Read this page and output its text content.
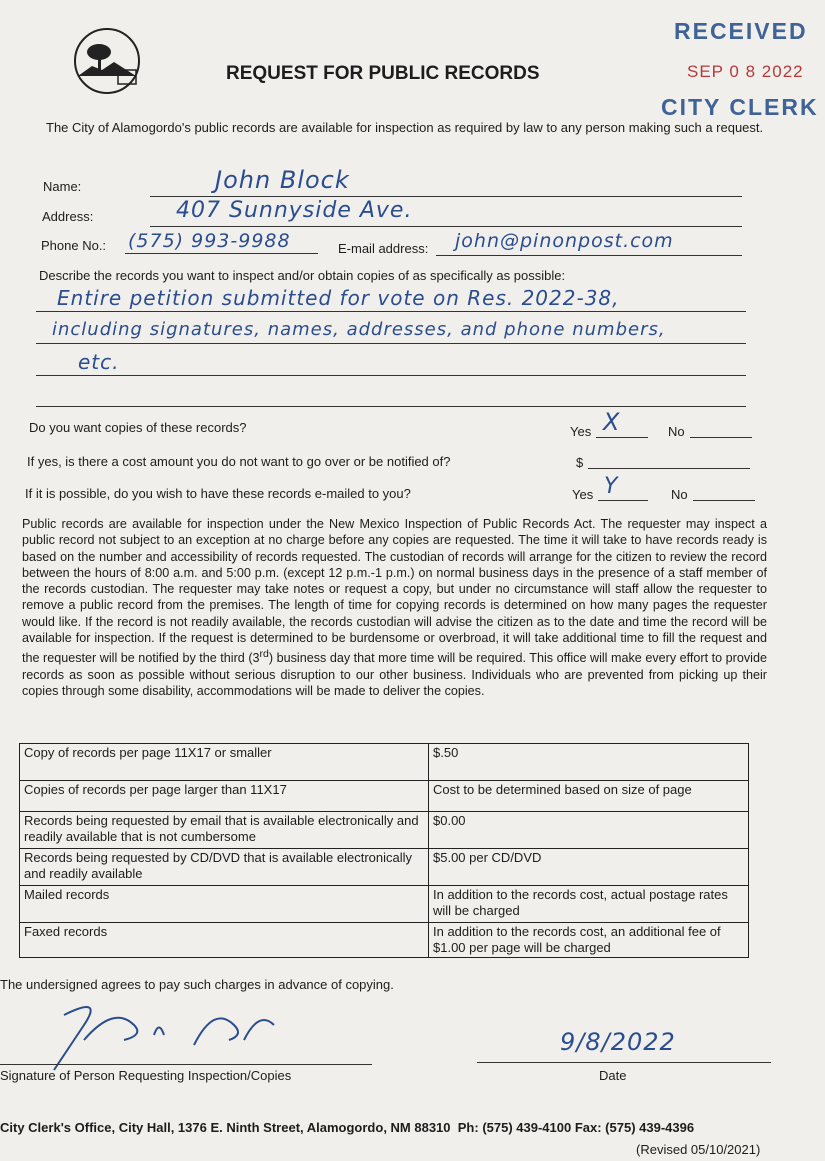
REQUEST FOR PUBLIC RECORDS
RECEIVED
SEP 0 8 2022
CITY CLERK
The City of Alamogordo's public records are available for inspection as required by law to any person making such a request.
Name:	John Block
Address:	407 Sunnyside Ave.
Phone No.: (575) 993-9988	E-mail address: john@pinonpost.com
Describe the records you want to inspect and/or obtain copies of as specifically as possible:
Entire petition submitted for vote on Res. 2022-38,
including signatures, names, addresses, and phone numbers,
etc.
Do you want copies of these records?	Yes X	No
If yes, is there a cost amount you do not want to go over or be notified of?	$
If it is possible, do you wish to have these records e-mailed to you?	Yes Y	No
Public records are available for inspection under the New Mexico Inspection of Public Records Act. The requester may inspect a public record not subject to an exception at no charge before any copies are requested. The time it will take to have records ready is based on the number and accessibility of records requested. The custodian of records will arrange for the citizen to review the record between the hours of 8:00 a.m. and 5:00 p.m. (except 12 p.m.-1 p.m.) on normal business days in the presence of a staff member of the records custodian. The requester may take notes or request a copy, but under no circumstance will staff allow the requester to remove a public record from the premises. The length of time for copying records is determined on how many pages the requester would like. If the record is not readily available, the records custodian will advise the citizen as to the date and time the record will be available for inspection. If the request is determined to be burdensome or overbroad, it will take additional time to fill the request and the requester will be notified by the third (3rd) business day that more time will be required. This office will make every effort to provide records as soon as possible without serious disruption to our other business. Individuals who are prevented from picking up their copies through some disability, accommodations will be made to deliver the copies.
Copy of records per page 11X17 or smaller	$.50
Copies of records per page larger than 11X17	Cost to be determined based on size of page
Records being requested by email that is available electronically and readily available that is not cumbersome	$0.00
Records being requested by CD/DVD that is available electronically and readily available	$5.00 per CD/DVD
Mailed records	In addition to the records cost, actual postage rates will be charged
Faxed records	In addition to the records cost, an additional fee of $1.00 per page will be charged
The undersigned agrees to pay such charges in advance of copying.
Signature of Person Requesting Inspection/Copies
9/8/2022
Date
City Clerk's Office, City Hall, 1376 E. Ninth Street, Alamogordo, NM 88310 Ph: (575) 439-4100 Fax: (575) 439-4396
(Revised 05/10/2021)
